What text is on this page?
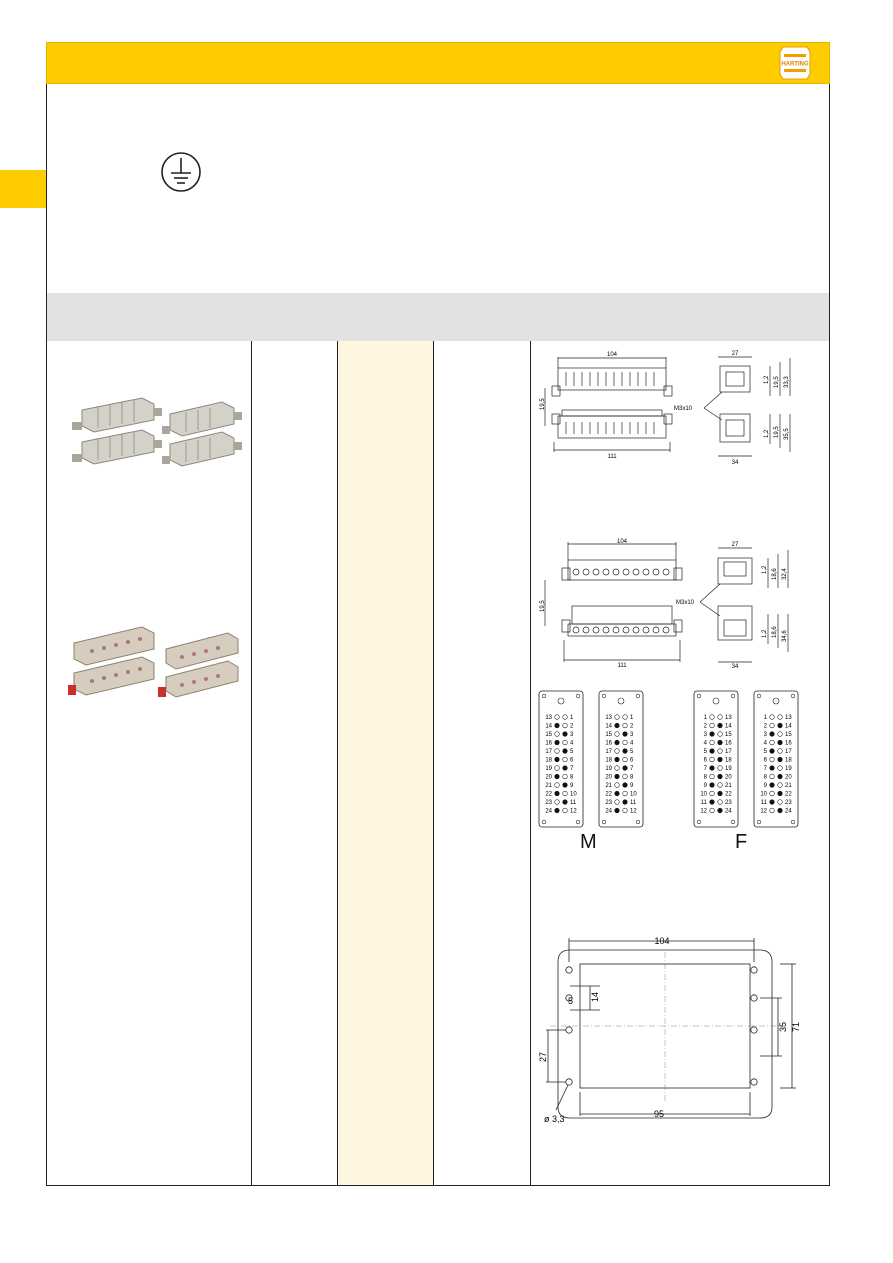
HARTING
104
111
19,5	M3x10
27
34
1,2 19,5 33,3
19,5 35,5
1,2
104
111
19,5	M3x10
27
34
1,2 18,6 32,4
18,6 34,6
1,2
13	1
14	2
15	3
16	4
17	5
18	6
19	7
20	8
21	9
22	10
23	11
24	12
13	1
14	2
15	3
16	4
17	5
18	6
19	7
20	8
21	9
22	10
23	11
24	12
1	13
2	14
3	15
4	16
5	17
6	18
7	19
8	20
9	21
10	22
11	23
12	24
1	13
2	14
3	15
4	16
5	17
6	18
7	19
8	20
9	21
10	22
11	23
12	24
M	F
104
14
5
35 71
27
ø 3,3	95
